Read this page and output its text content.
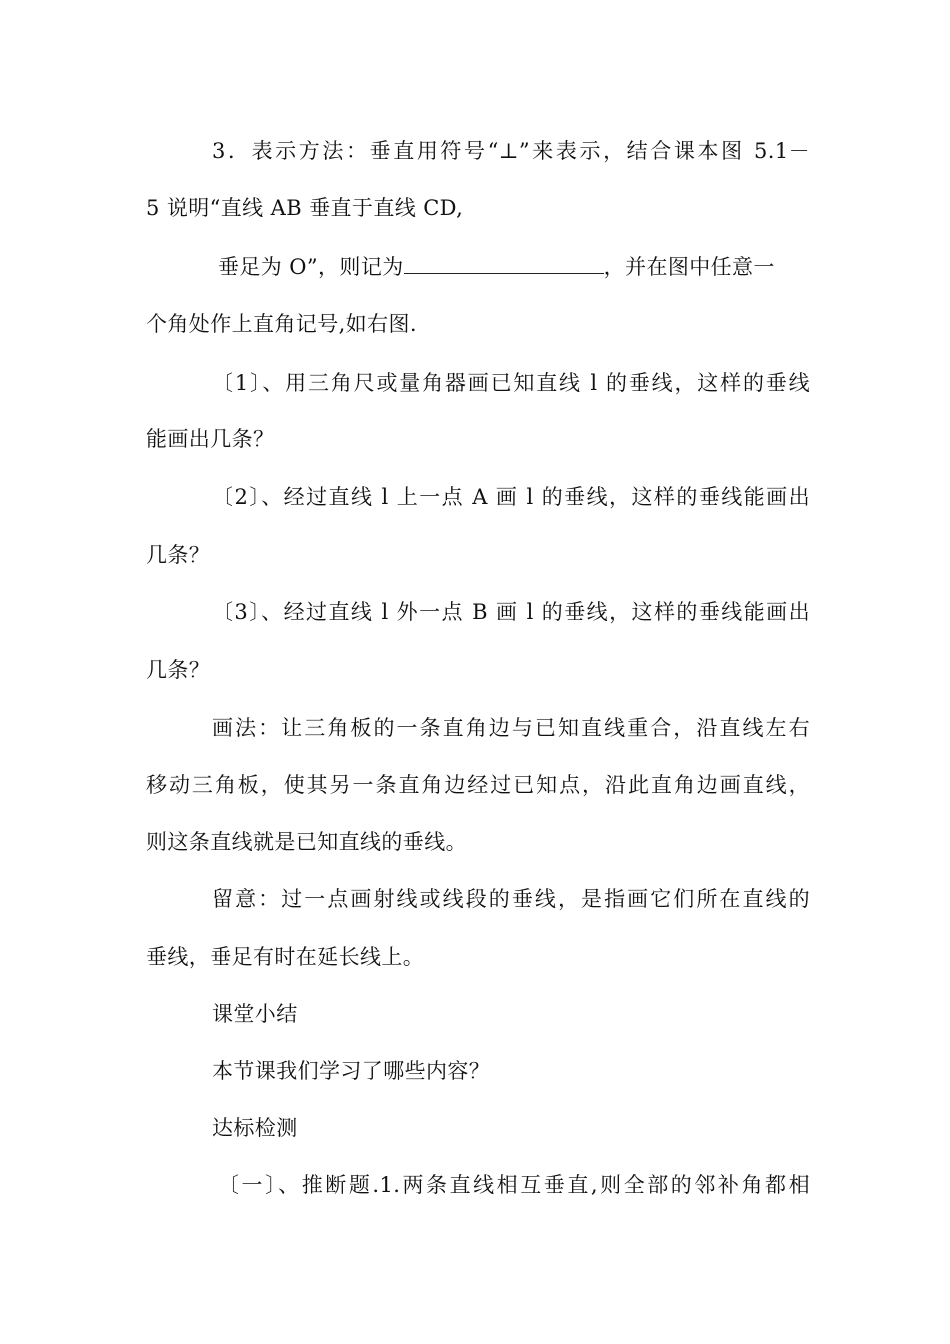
3．表示方法：垂直用符号“⊥”来表示，结合课本图 5.1－
5 说明“直线 AB 垂直于直线 CD,
垂足为 O”，则记为	，并在图中任意一
个角处作上直角记号,如右图.
〔1〕、用三角尺或量角器画已知直线 l 的垂线，这样的垂线
能画出几条？
〔2〕、经过直线 l 上一点 A 画 l 的垂线，这样的垂线能画出
几条？
〔3〕、经过直线 l 外一点 B 画 l 的垂线，这样的垂线能画出
几条？
画法：让三角板的一条直角边与已知直线重合，沿直线左右
移动三角板，使其另一条直角边经过已知点，沿此直角边画直线，
则这条直线就是已知直线的垂线。
留意：过一点画射线或线段的垂线，是指画它们所在直线的
垂线，垂足有时在延长线上。
课堂小结
本节课我们学习了哪些内容？
达标检测
〔一〕、推断题.1.两条直线相互垂直,则全部的邻补角都相
